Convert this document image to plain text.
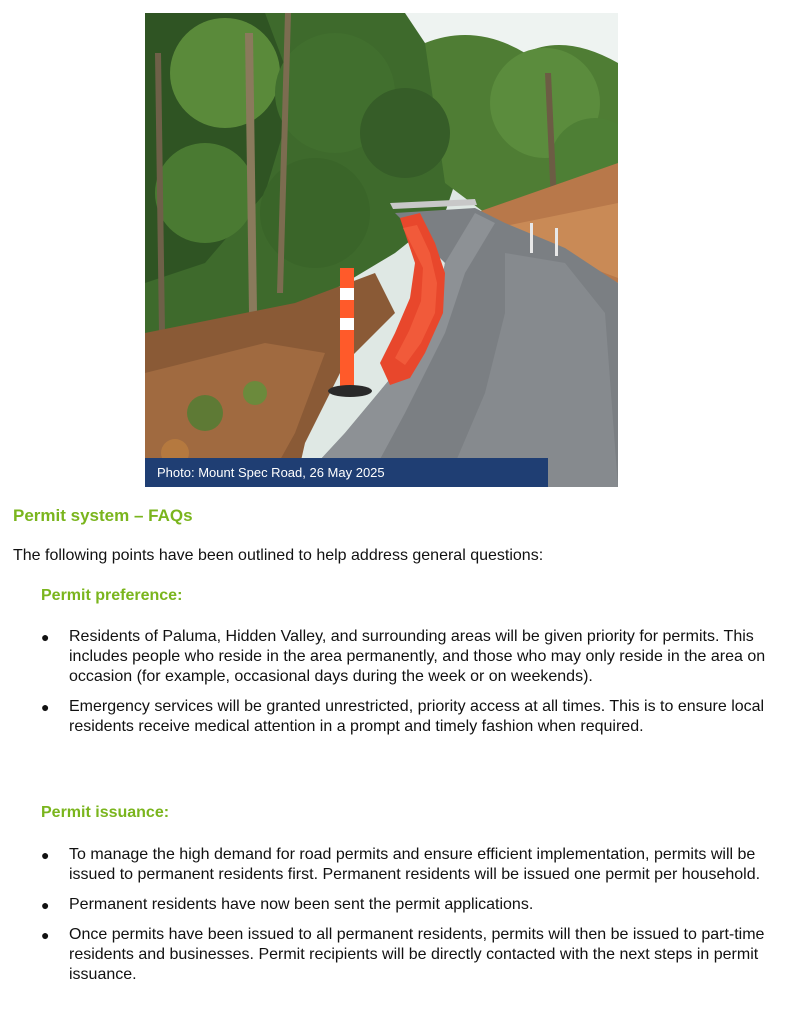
Photo: Mount Spec Road, 26 May 2025
Permit system – FAQs

The following points have been outlined to help address general questions:

Permit preference:
● Residents of Paluma, Hidden Valley, and surrounding areas will be given priority for permits. This includes people who reside in the area permanently, and those who may only reside in the area on occasion (for example, occasional days during the week or on weekends).
● Emergency services will be granted unrestricted, priority access at all times. This is to ensure local residents receive medical attention in a prompt and timely fashion when required.
Permit issuance:
● To manage the high demand for road permits and ensure efficient implementation, permits will be issued to permanent residents first. Permanent residents will be issued one permit per household.
● Permanent residents have now been sent the permit applications.
● Once permits have been issued to all permanent residents, permits will then be issued to part-time residents and businesses. Permit recipients will be directly contacted with the next steps in permit issuance.
